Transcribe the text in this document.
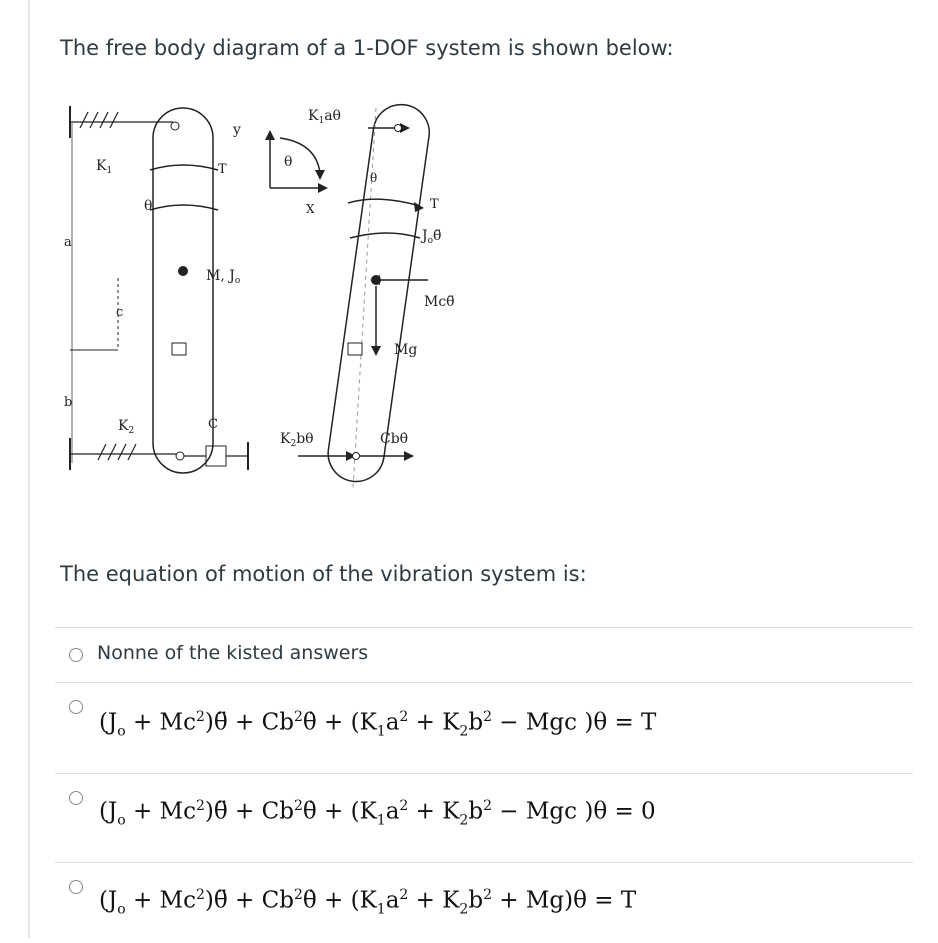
The free body diagram of a 1-DOF system is shown below:
$K_1$
θ
a
c
b
$K_2$
T
M, $J_o$
C
y
X
θ
$K_1a\theta$
θ
T
$J_o\thetä$
Mcθ̈
Mg
$K_2b\theta$	Cbθ̇
The equation of motion of the vibration system is:
Nonne of the kisted answers
($J_o$ + $Mc^2)\thetä$ + $Cb^2\thetȧ + (K_1a^2 + K_2b^2$ − Mgc )θ = T
($J_o$ + $Mc^2)\thetä$ + $Cb^2\thetȧ + (K_1a^2 + K_2b^2$ − Mgc )θ = 0
($J_o$ + $Mc^2)\thetä$ + $Cb^2\thetȧ + (K_1a^2 + K_2b^2 + Mg)\theta = T$
